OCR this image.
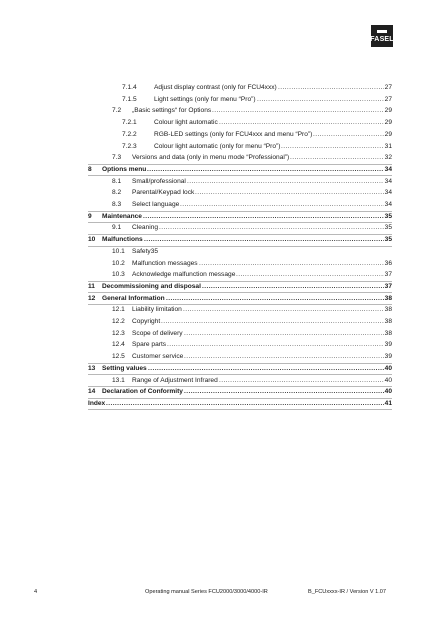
FASEL
7.1.4	Adjust display contrast (only for FCU4xxx) .....	27
7.1.5	Light settings (only for menu “Pro”) .....	27
7.2 „Basic settings“ for Options .....	29
7.2.1	Colour light automatic .....	29
7.2.2	RGB-LED settings (only for FCU4xxx and menu “Pro”) .....	29
7.2.3	Colour light automatic (only for menu “Pro”) .....	31
7.3 Versions and data (only in menu mode “Professional”) .....	32
8 Options menu .....	34
8.1 Small/professional .....	34
8.2 Parental/Keypad lock .....	34
8.3 Select language .....	34
9 Maintenance .....	35
9.1 Cleaning .....	35
10 Malfunctions .....	35
10.1 Safety35
10.2 Malfunction messages .....	36
10.3 Acknowledge malfunction message .....	37
11 Decommissioning and disposal .....	37
12 General Information .....	38
12.1 Liability limitation .....	38
12.2 Copyright .....	38
12.3 Scope of delivery .....	38
12.4 Spare parts .....	39
12.5 Customer service .....	39
13 Setting values .....	40
13.1 Range of Adjustment Infrared .....	40
14 Declaration of Conformity .....	40
Index .....	41
4	Operating manual Series FCU2000/3000/4000-IR	B_FCUxxxx-IR / Version V 1.07
